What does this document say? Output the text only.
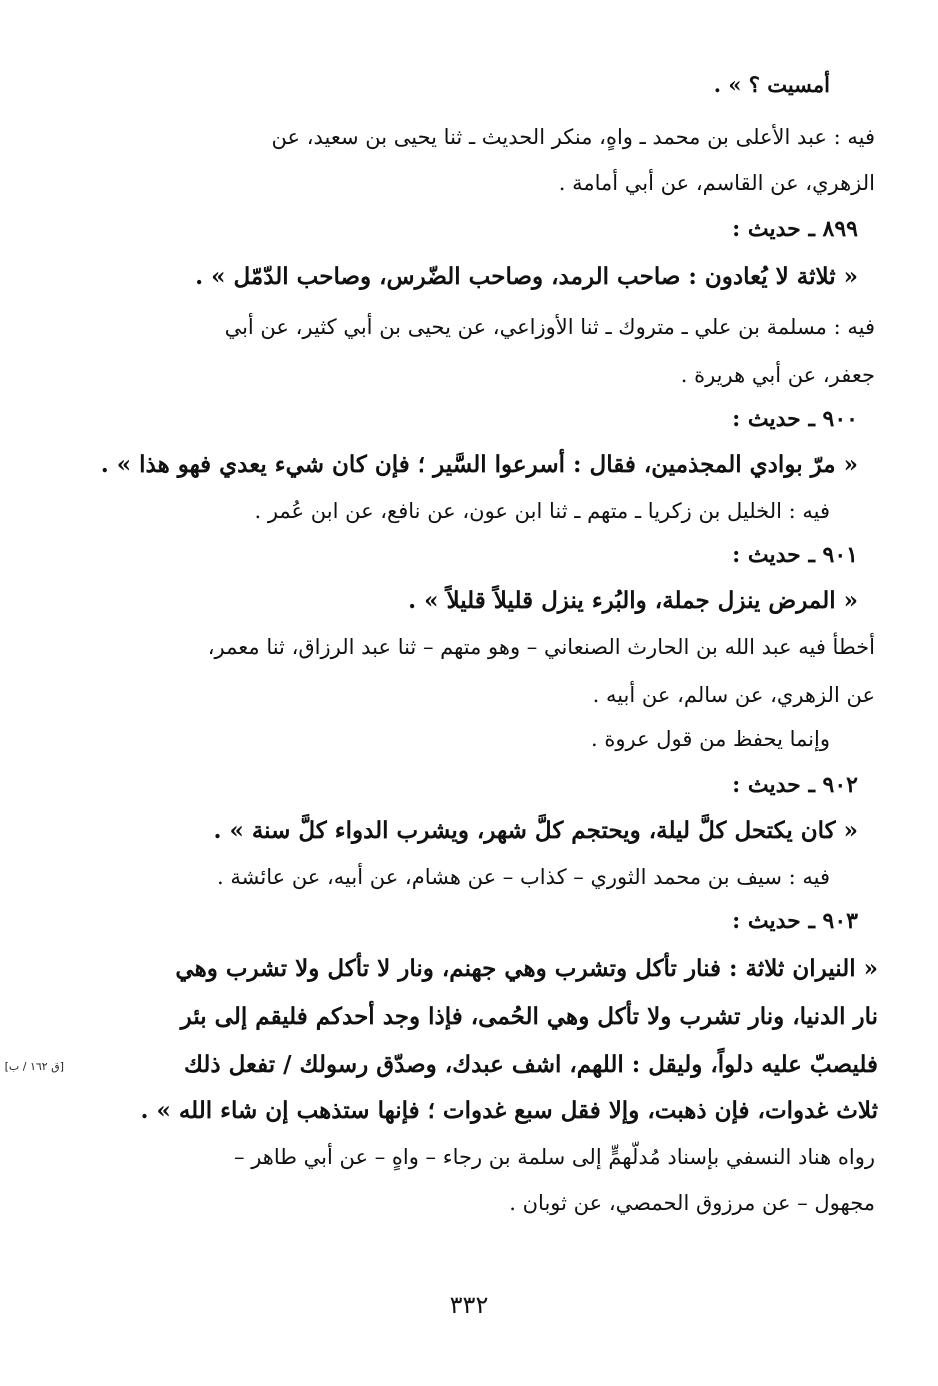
أمسيت ؟ » .
فيه : عبد الأعلى بن محمد ـ واهٍ، منكر الحديث ـ ثنا يحيى بن سعيد، عن
الزهري، عن القاسم، عن أبي أمامة .
٨٩٩ ـ حديث :
« ثلاثة لا يُعادون : صاحب الرمد، وصاحب الضّرس، وصاحب الدّمّل » .
فيه : مسلمة بن علي ـ متروك ـ ثنا الأوزاعي، عن يحيى بن أبي كثير، عن أبي
جعفر، عن أبي هريرة .
٩٠٠ ـ حديث :
« مرّ بوادي المجذمين، فقال : أسرعوا السَّير ؛ فإن كان شيء يعدي فهو هذا » .
فيه : الخليل بن زكريا ـ متهم ـ ثنا ابن عون، عن نافع، عن ابن عُمر .
٩٠١ ـ حديث :
« المرض ينزل جملة، والبُرء ينزل قليلاً قليلاً » .
أخطأ فيه عبد الله بن الحارث الصنعاني – وهو متهم – ثنا عبد الرزاق، ثنا معمر،
عن الزهري، عن سالم، عن أبيه .
وإنما يحفظ من قول عروة .
٩٠٢ ـ حديث :
« كان يكتحل كلَّ ليلة، ويحتجم كلَّ شهر، ويشرب الدواء كلَّ سنة » .
فيه : سيف بن محمد الثوري – كذاب – عن هشام، عن أبيه، عن عائشة .
٩٠٣ ـ حديث :
« النيران ثلاثة : فنار تأكل وتشرب وهي جهنم، ونار لا تأكل ولا تشرب وهي
نار الدنيا، ونار تشرب ولا تأكل وهي الحُمى، فإذا وجد أحدكم فليقم إلى بئر
فليصبّ عليه دلواً، وليقل : اللهم، اشف عبدك، وصدّق رسولك / تفعل ذلك
ثلاث غدوات، فإن ذهبت، وإلا فقل سبع غدوات ؛ فإنها ستذهب إن شاء الله » .
رواه هناد النسفي بإسناد مُدلّهمٍّ إلى سلمة بن رجاء – واهٍ – عن أبي طاهر –
مجهول – عن مرزوق الحمصي، عن ثوبان .
[ق ١٦٢ / ب]
٣٣٢
